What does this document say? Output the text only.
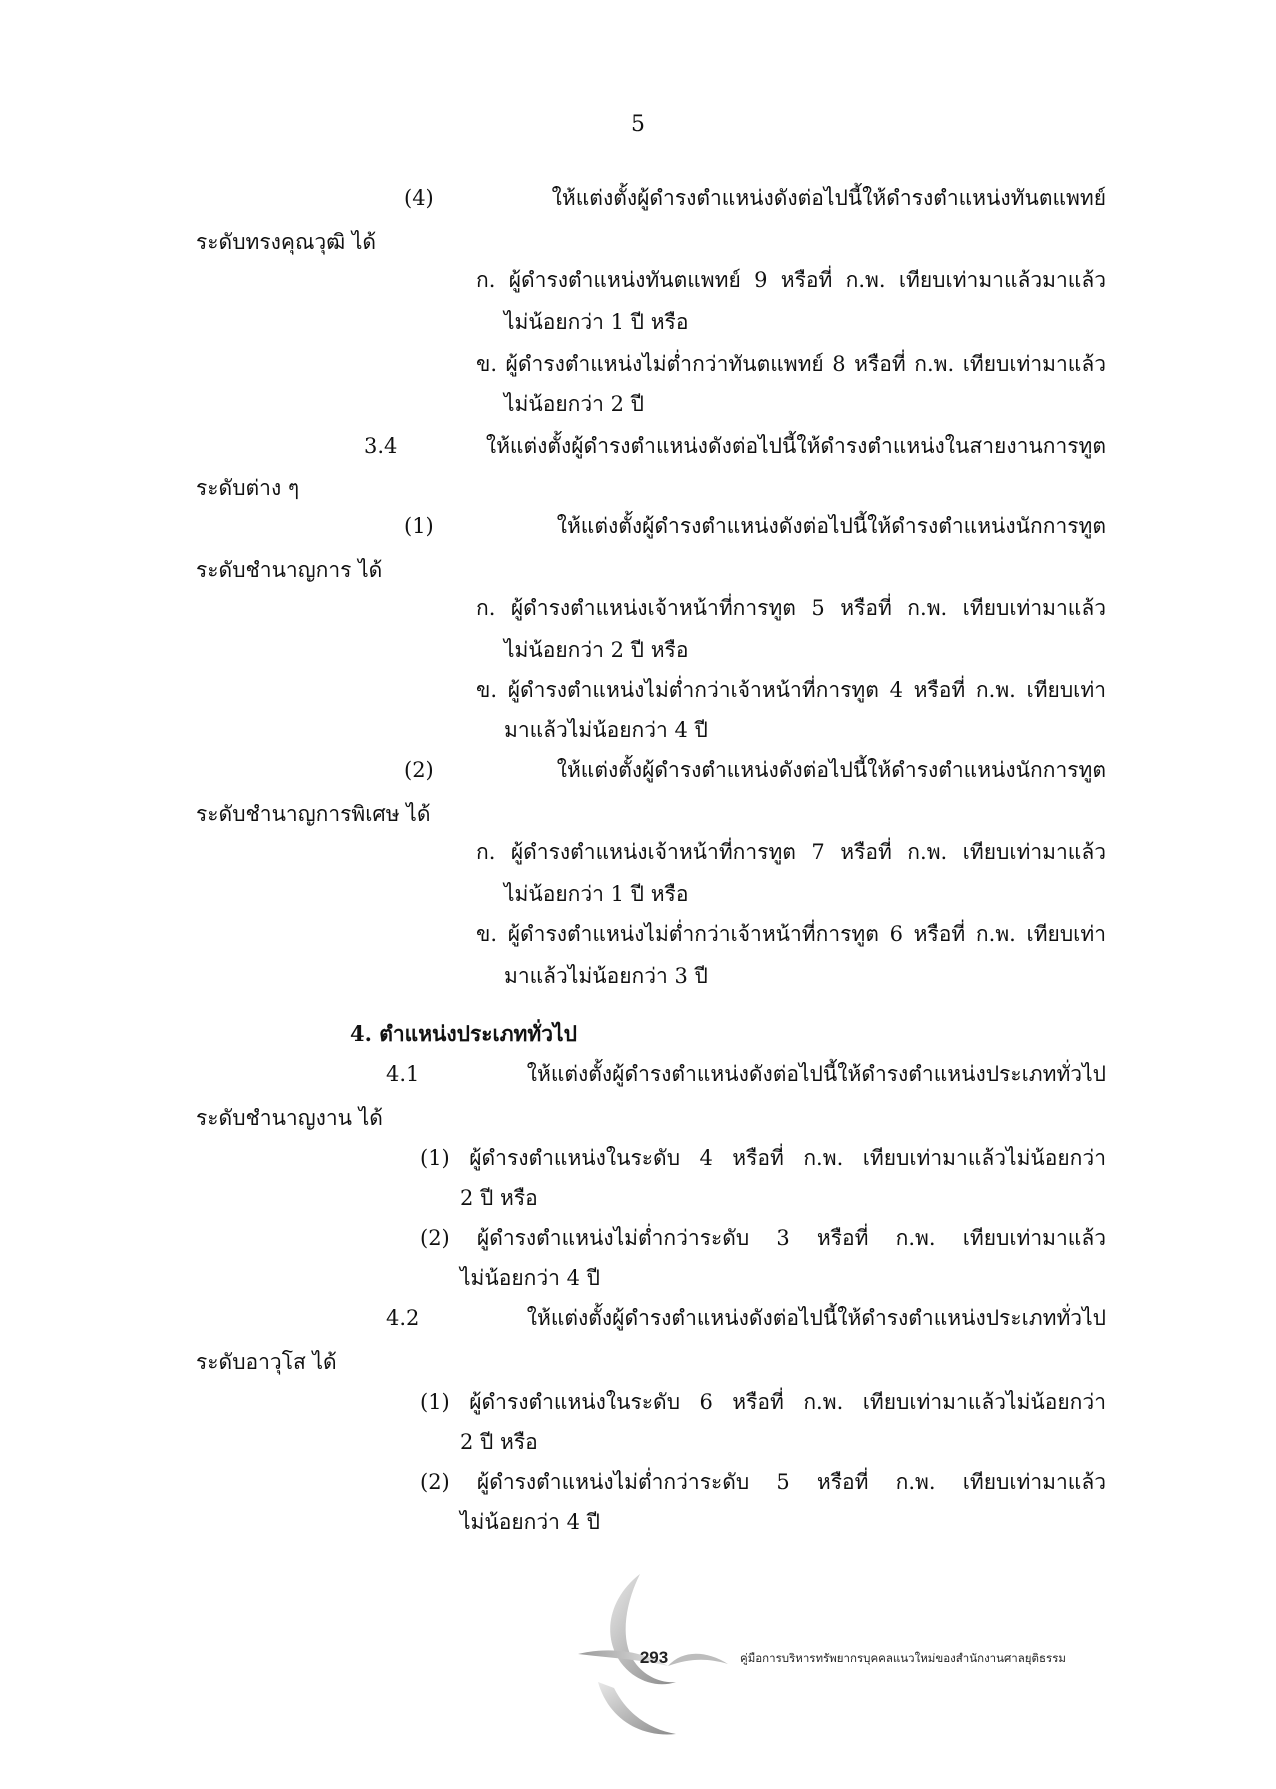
5

(4) ให้แต่งตั้งผู้ดำรงตำแหน่งดังต่อไปนี้ให้ดำรงตำแหน่งทันตแพทย์

ระดับทรงคุณวุฒิ ได้

ก. ผู้ดำรงตำแหน่งทันตแพทย์ 9 หรือที่ ก.พ. เทียบเท่ามาแล้วมาแล้ว

ไม่น้อยกว่า 1 ปี หรือ

ข. ผู้ดำรงตำแหน่งไม่ต่ำกว่าทันตแพทย์ 8 หรือที่ ก.พ. เทียบเท่ามาแล้ว

ไม่น้อยกว่า 2 ปี

3.4 ให้แต่งตั้งผู้ดำรงตำแหน่งดังต่อไปนี้ให้ดำรงตำแหน่งในสายงานการทูต

ระดับต่าง ๆ

(1) ให้แต่งตั้งผู้ดำรงตำแหน่งดังต่อไปนี้ให้ดำรงตำแหน่งนักการทูต

ระดับชำนาญการ ได้

ก. ผู้ดำรงตำแหน่งเจ้าหน้าที่การทูต 5 หรือที่ ก.พ. เทียบเท่ามาแล้ว

ไม่น้อยกว่า 2 ปี หรือ

ข. ผู้ดำรงตำแหน่งไม่ต่ำกว่าเจ้าหน้าที่การทูต 4 หรือที่ ก.พ. เทียบเท่า

มาแล้วไม่น้อยกว่า 4 ปี

(2) ให้แต่งตั้งผู้ดำรงตำแหน่งดังต่อไปนี้ให้ดำรงตำแหน่งนักการทูต

ระดับชำนาญการพิเศษ ได้

ก. ผู้ดำรงตำแหน่งเจ้าหน้าที่การทูต 7 หรือที่ ก.พ. เทียบเท่ามาแล้ว

ไม่น้อยกว่า 1 ปี หรือ

ข. ผู้ดำรงตำแหน่งไม่ต่ำกว่าเจ้าหน้าที่การทูต 6 หรือที่ ก.พ. เทียบเท่า

มาแล้วไม่น้อยกว่า 3 ปี

4. ตำแหน่งประเภททั่วไป

4.1 ให้แต่งตั้งผู้ดำรงตำแหน่งดังต่อไปนี้ให้ดำรงตำแหน่งประเภททั่วไป

ระดับชำนาญงาน ได้

(1) ผู้ดำรงตำแหน่งในระดับ 4 หรือที่ ก.พ. เทียบเท่ามาแล้วไม่น้อยกว่า

2 ปี หรือ

(2) ผู้ดำรงตำแหน่งไม่ต่ำกว่าระดับ 3 หรือที่ ก.พ. เทียบเท่ามาแล้ว

ไม่น้อยกว่า 4 ปี

4.2 ให้แต่งตั้งผู้ดำรงตำแหน่งดังต่อไปนี้ให้ดำรงตำแหน่งประเภททั่วไป

ระดับอาวุโส ได้

(1) ผู้ดำรงตำแหน่งในระดับ 6 หรือที่ ก.พ. เทียบเท่ามาแล้วไม่น้อยกว่า

2 ปี หรือ

(2) ผู้ดำรงตำแหน่งไม่ต่ำกว่าระดับ 5 หรือที่ ก.พ. เทียบเท่ามาแล้ว

ไม่น้อยกว่า 4 ปี

293	คู่มือการบริหารทรัพยากรบุคคลแนวใหม่ของสำนักงานศาลยุติธรรม
